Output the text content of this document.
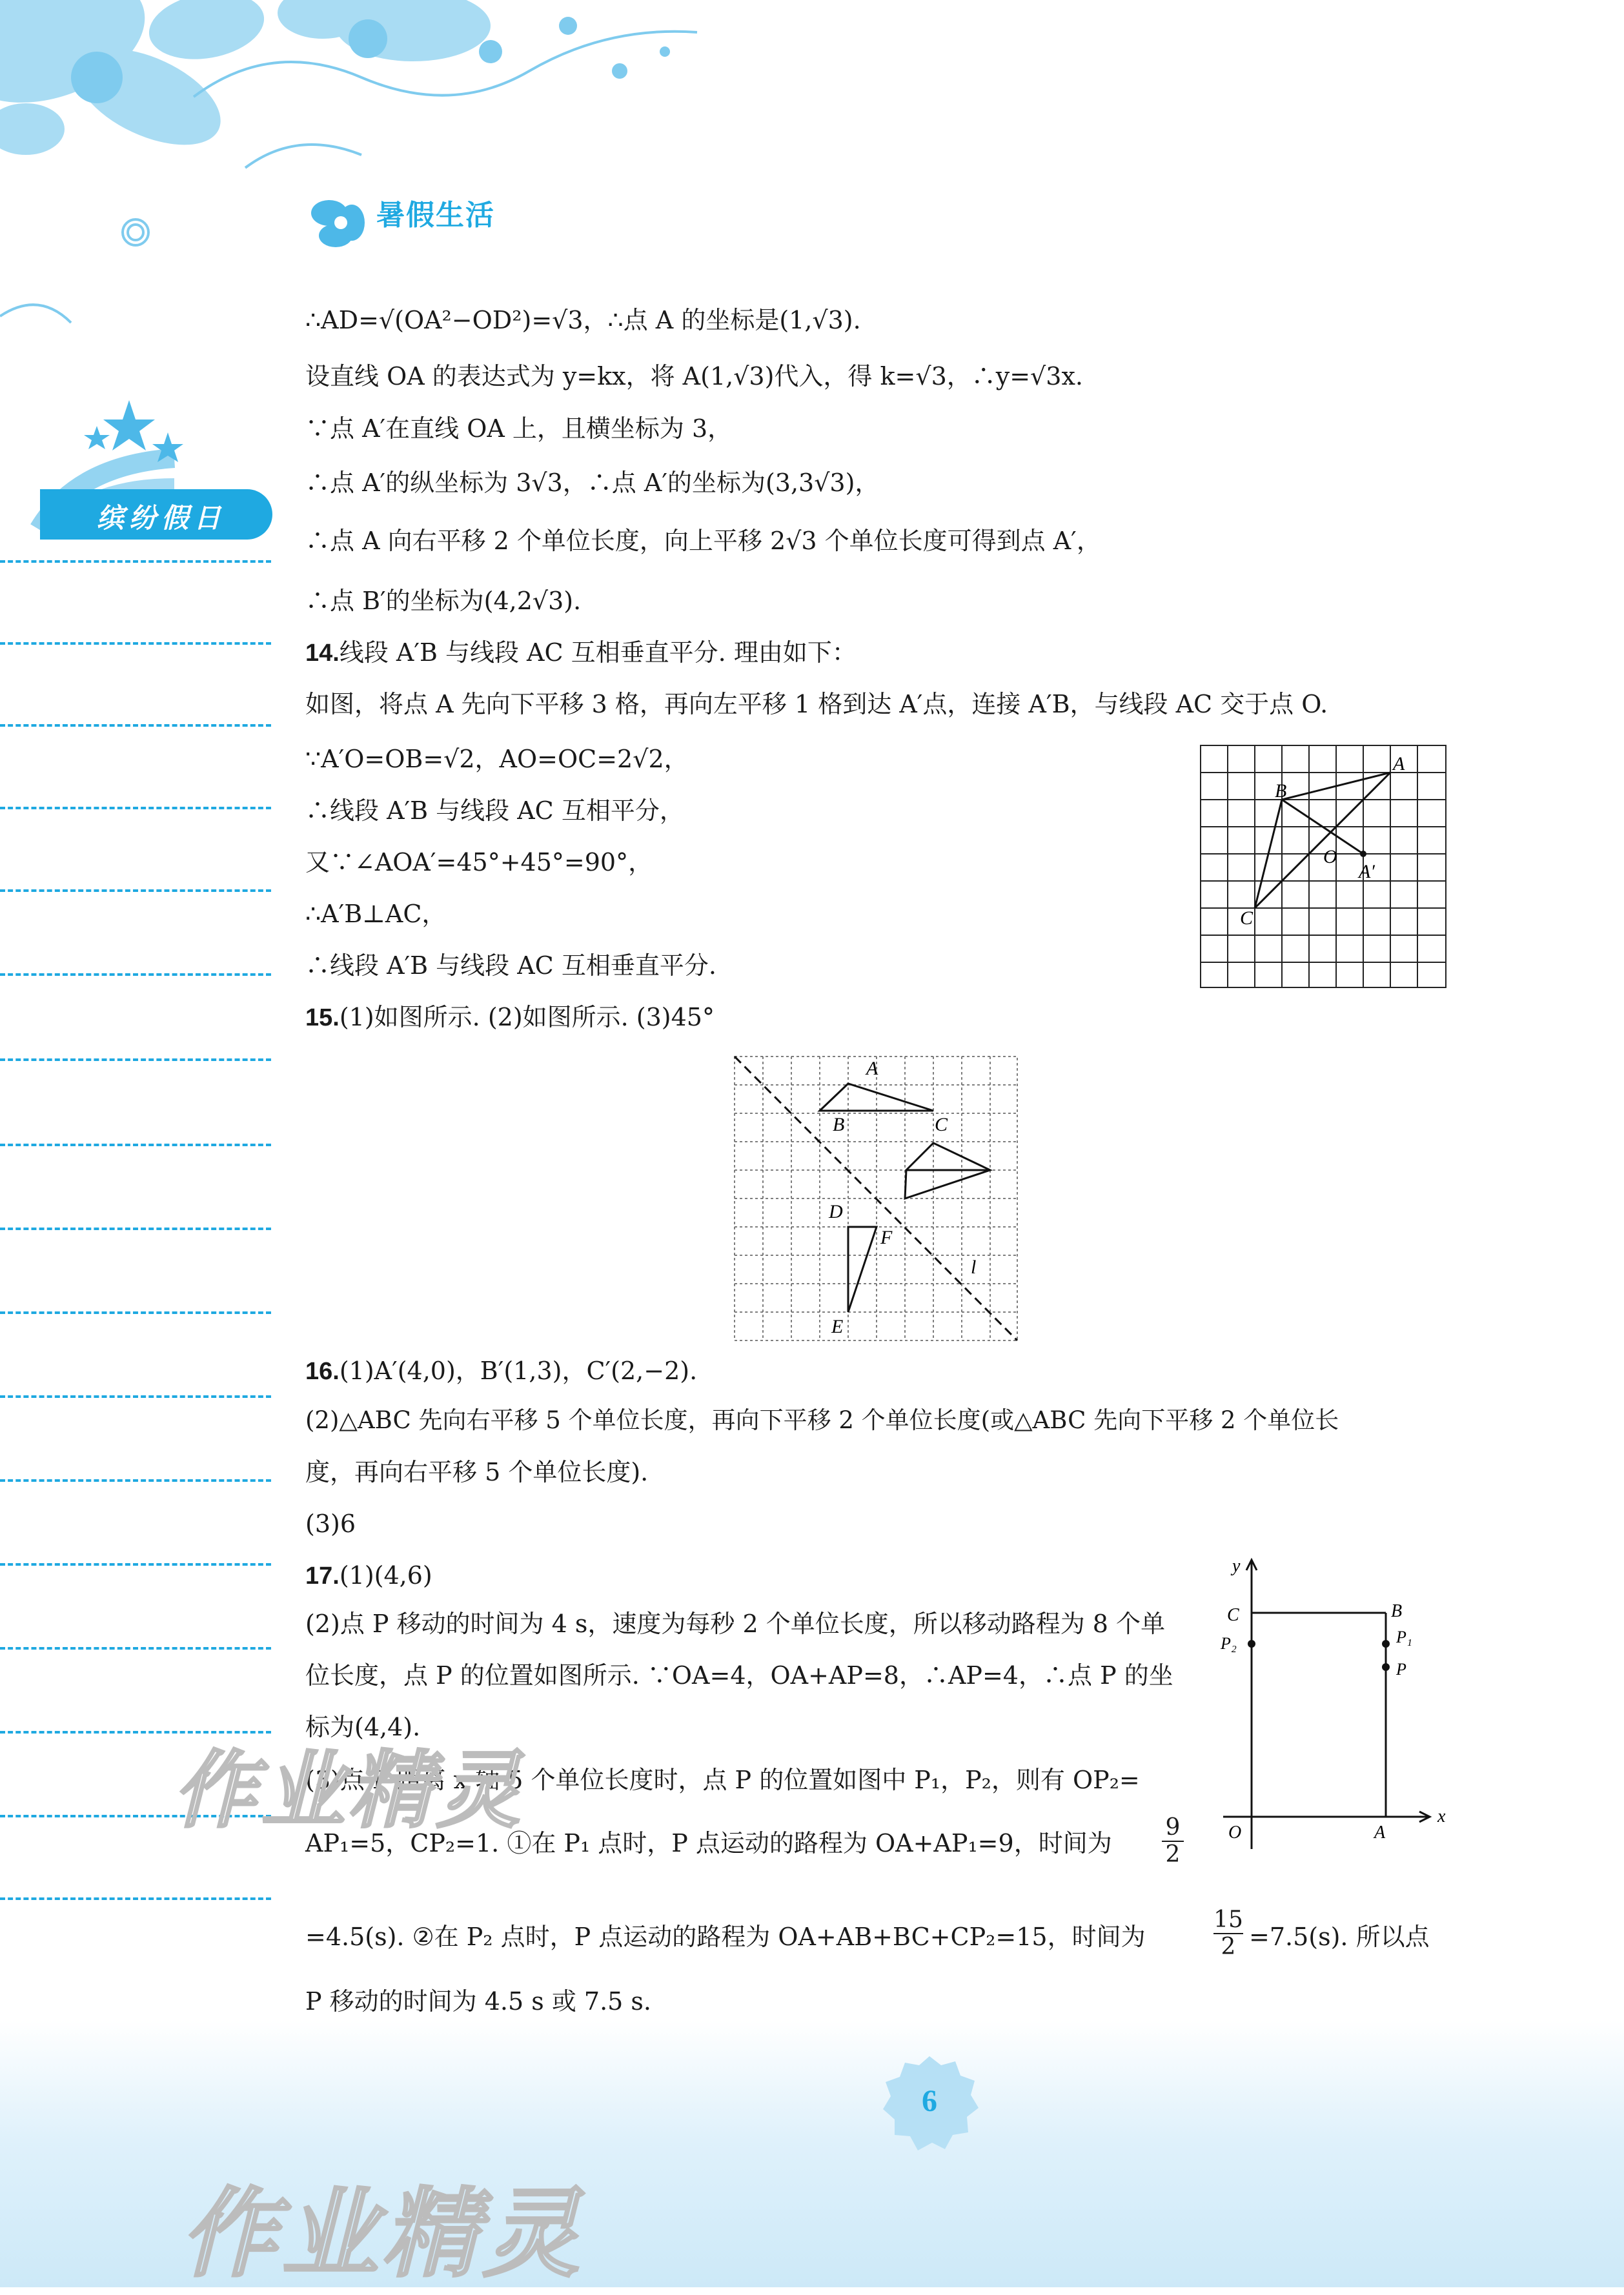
暑假生活
缤纷假日
∴AD=√(OA²−OD²)=√3，∴点 A 的坐标是(1,√3).
设直线 OA 的表达式为 y=kx，将 A(1,√3)代入，得 k=√3，∴y=√3x.
∵点 A′在直线 OA 上，且横坐标为 3，
∴点 A′的纵坐标为 3√3，∴点 A′的坐标为(3,3√3)，
∴点 A 向右平移 2 个单位长度，向上平移 2√3 个单位长度可得到点 A′，
∴点 B′的坐标为(4,2√3).
14.线段 A′B 与线段 AC 互相垂直平分. 理由如下：
如图，将点 A 先向下平移 3 格，再向左平移 1 格到达 A′点，连接 A′B，与线段 AC 交于点 O.
∵A′O=OB=√2，AO=OC=2√2，
∴线段 A′B 与线段 AC 互相平分，
又∵∠AOA′=45°+45°=90°，
∴A′B⊥AC，
∴线段 A′B 与线段 AC 互相垂直平分.
15.(1)如图所示. (2)如图所示. (3)45°
16.(1)A′(4,0)，B′(1,3)，C′(2,−2).
(2)△ABC 先向右平移 5 个单位长度，再向下平移 2 个单位长度(或△ABC 先向下平移 2 个单位长
度，再向右平移 5 个单位长度).
(3)6
17.(1)(4,6)
(2)点 P 移动的时间为 4 s，速度为每秒 2 个单位长度，所以移动路程为 8 个单
位长度，点 P 的位置如图所示. ∵OA=4，OA+AP=8，∴AP=4，∴点 P 的坐
标为(4,4).
(3)点 P 距离 x 轴 5 个单位长度时，点 P 的位置如图中 P₁，P₂，则有 OP₂=
AP₁=5，CP₂=1. ①在 P₁ 点时，P 点运动的路程为 OA+AP₁=9，时间为 $\frac{9}{2}$
=4.5(s). ②在 P₂ 点时，P 点运动的路程为 OA+AB+BC+CP₂=15，时间为	$\frac{15}{2} =7.5(s)$. 所以点
P 移动的时间为 4.5 s 或 7.5 s.
A
B
C
O
A′
A
B	C
D
E
F
l
y
x
O	A
B
C
P₂	P₁
P
作业精灵
6
作业精灵
